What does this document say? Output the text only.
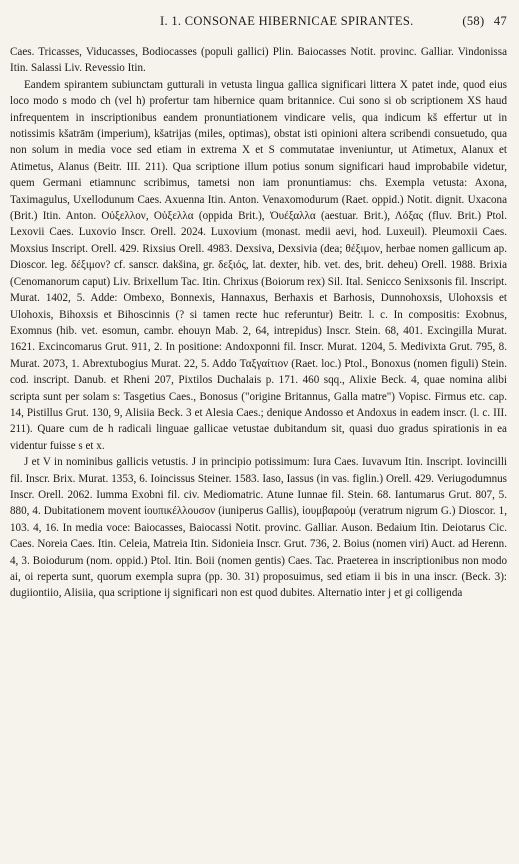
I. 1. CONSONAE HIBERNICAE SPIRANTES.	(58) 47

Caes. Tricasses, Viducasses, Bodiocasses (populi gallici) Plin. Baiocasses Notit. provinc. Galliar. Vindonissa Itin. Salassi Liv. Revessio Itin.

Eandem spirantem subiunctam gutturali in vetusta lingua gallica significari littera X patet inde, quod eius loco modo s modo ch (vel h) profertur tam hibernice quam britannice. Cui sono si ob scriptionem XS haud infrequentem in inscriptionibus eandem pronuntiationem vindicare velis, qua indicum kš effertur ut in notissimis kšatrām (imperium), kšatrijas (miles, optimas), obstat isti opinioni altera scribendi consuetudo, qua non solum in media voce sed etiam in extrema X et S commutatae inveniuntur, ut Atimetux, Alanux et Atimetus, Alanus (Beitr. III. 211). Qua scriptione illum potius sonum significari haud improbabile videtur, quem Germani etiamnunc scribimus, tametsi non iam pronuntiamus: chs. Exempla vetusta: Axona, Taximagulus, Uxellodunum Caes. Axuenna Itin. Anton. Venaxomodurum (Raet. oppid.) Notit. dignit. Uxacona (Brit.) Itin. Anton. Οὐξελλον, Οὐξελλα (oppida Brit.), Ὀυέξαλλα (aestuar. Brit.), Λόξας (fluv. Brit.) Ptol. Lexovii Caes. Luxovio Inscr. Orell. 2024. Luxovium (monast. medii aevi, hod. Luxeuil). Pleumoxii Caes. Moxsius Inscript. Orell. 429. Rixsius Orell. 4983. Dexsiva, Dexsivia (dea; θέξιμον, herbae nomen gallicum ap. Dioscor. leg. δέξιμον? cf. sanscr. dakšina, gr. δεξιός, lat. dexter, hib. vet. des, brit. deheu) Orell. 1988. Brixia (Cenomanorum caput) Liv. Brixellum Tac. Itin. Chrixus (Boiorum rex) Sil. Ital. Senicco Senixsonis fil. Inscript. Murat. 1402, 5. Adde: Ombexo, Bonnexis, Hannaxus, Berhaxis et Barhosis, Dunnohoxsis, Ulohoxsis et Ulohoxis, Bihoxsis et Bihoscinnis (? si tamen recte huc referuntur) Beitr. l. c. In compositis: Exobnus, Exomnus (hib. vet. esomun, cambr. ehouyn Mab. 2, 64, intrepidus) Inscr. Stein. 68, 401. Excingilla Murat. 1621. Excincomarus Grut. 911, 2. In positione: Andoxponni fil. Inscr. Murat. 1204, 5. Medivixta Grut. 795, 8. Murat. 2073, 1. Abrextubogius Murat. 22, 5. Addo Ταξγαίτιον (Raet. loc.) Ptol., Bonoxus (nomen figuli) Stein. cod. inscript. Danub. et Rheni 207, Pixtilos Duchalais p. 171. 460 sqq., Alixie Beck. 4, quae nomina alibi scripta sunt per solam s: Tasgetius Caes., Bonosus ("origine Britannus, Galla matre") Vopisc. Firmus etc. cap. 14, Pistillus Grut. 130, 9, Alisiia Beck. 3 et Alesia Caes.; denique Andosso et Andoxus in eadem inscr. (l. c. III. 211). Quare cum de h radicali linguae gallicae vetustae dubitandum sit, quasi duo gradus spirationis in ea videntur fuisse s et x.

J et V in nominibus gallicis vetustis. J in principio potissimum: Iura Caes. Iuvavum Itin. Inscript. Iovincilli fil. Inscr. Brix. Murat. 1353, 6. Ioincissus Steiner. 1583. Iaso, Iassus (in vas. figlin.) Orell. 429. Veriugodumnus Inscr. Orell. 2062. Iumma Exobni fil. civ. Mediomatric. Atune Iunnae fil. Stein. 68. Iantumarus Grut. 807, 5. 880, 4. Dubitationem movent ἰουπικέλλουσον (iuniperus Gallis), ἰουμβαρούμ (veratrum nigrum G.) Dioscor. 1, 103. 4, 16. In media voce: Baiocasses, Baiocassi Notit. provinc. Galliar. Auson. Bedaium Itin. Deiotarus Cic. Caes. Noreia Caes. Itin. Celeia, Matreia Itin. Sidonieia Inscr. Grut. 736, 2. Boius (nomen viri) Auct. ad Herenn. 4, 3. Boiodurum (nom. oppid.) Ptol. Itin. Boii (nomen gentis) Caes. Tac. Praeterea in inscriptionibus non modo ai, oi reperta sunt, quorum exempla supra (pp. 30. 31) proposuimus, sed etiam ii bis in una inscr. (Beck. 3): dugiiontiio, Alisiia, qua scriptione ij significari non est quod dubites. Alternatio inter j et gi colligenda
